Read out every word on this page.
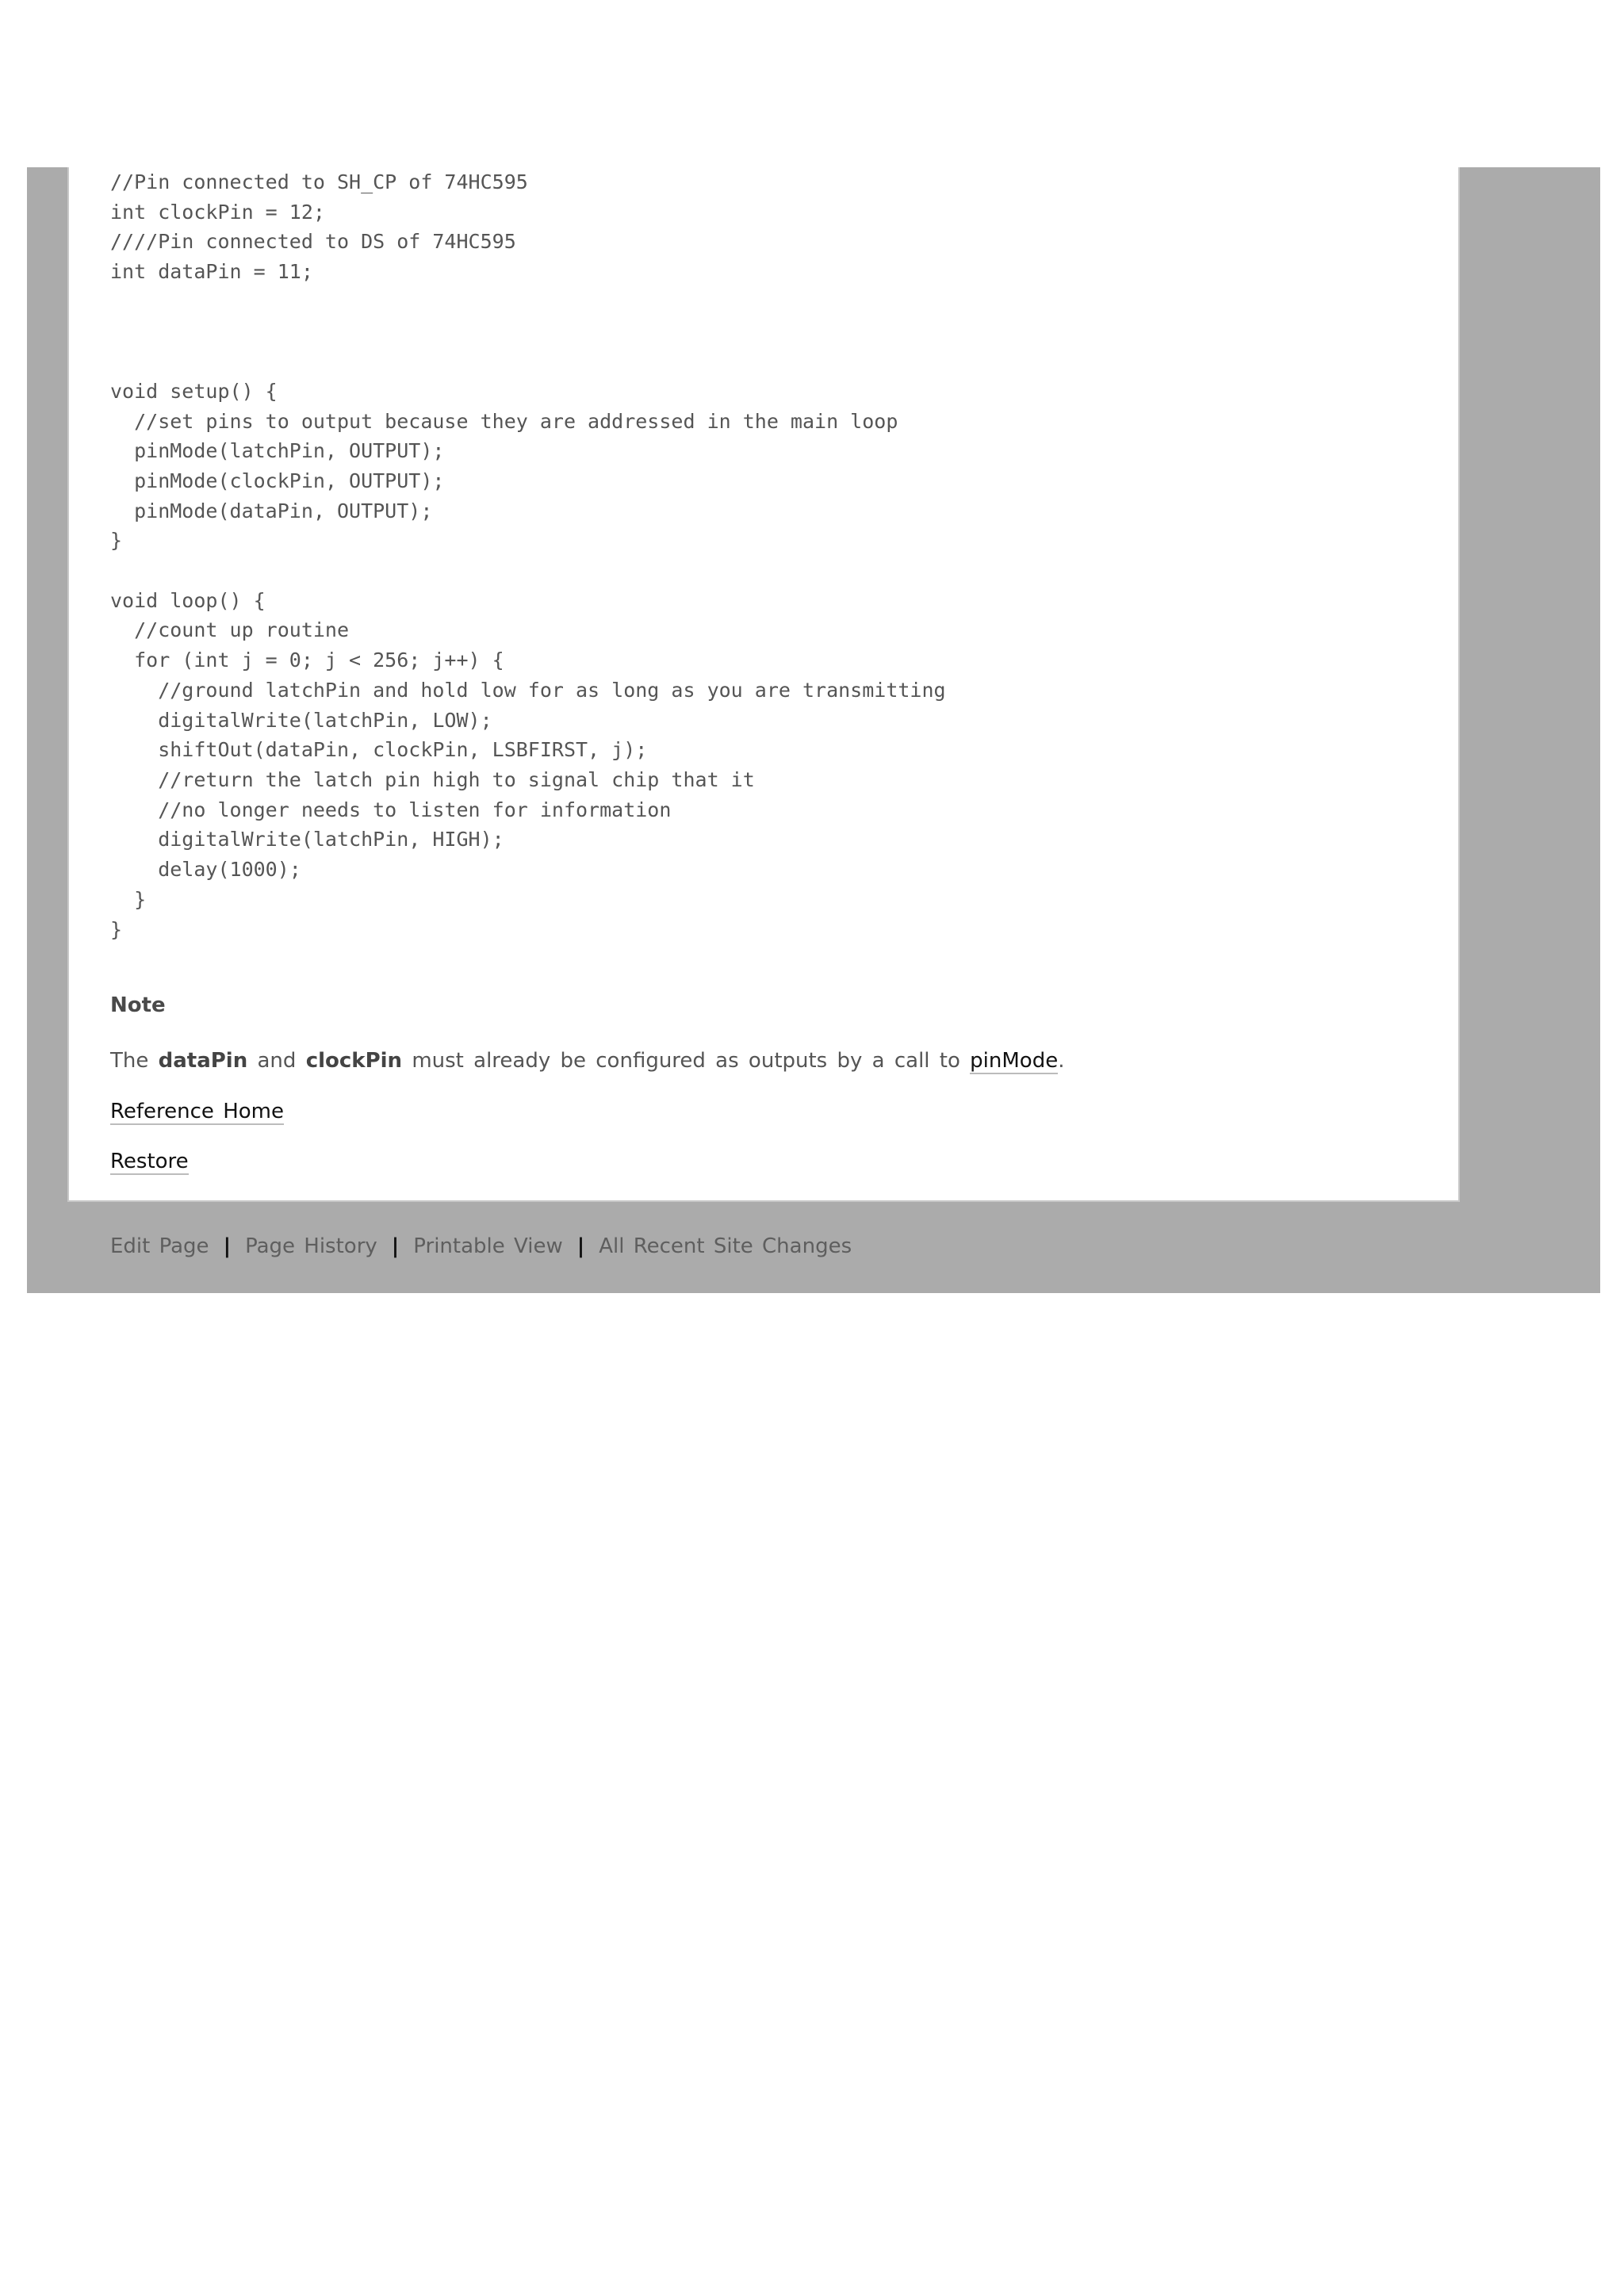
//Pin connected to SH_CP of 74HC595
int clockPin = 12;
////Pin connected to DS of 74HC595
int dataPin = 11;
void setup() {
//set pins to output because they are addressed in the main loop
pinMode(latchPin, OUTPUT);
pinMode(clockPin, OUTPUT);
pinMode(dataPin, OUTPUT);
}
void loop() {
//count up routine
for (int j = 0; j < 256; j++) {
//ground latchPin and hold low for as long as you are transmitting
digitalWrite(latchPin, LOW);
shiftOut(dataPin, clockPin, LSBFIRST, j);
//return the latch pin high to signal chip that it
//no longer needs to listen for information
digitalWrite(latchPin, HIGH);
delay(1000);
}
}
Note

The dataPin and clockPin must already be configured as outputs by a call to pinMode.

Reference Home

Restore

Edit Page | Page History | Printable View | All Recent Site Changes
